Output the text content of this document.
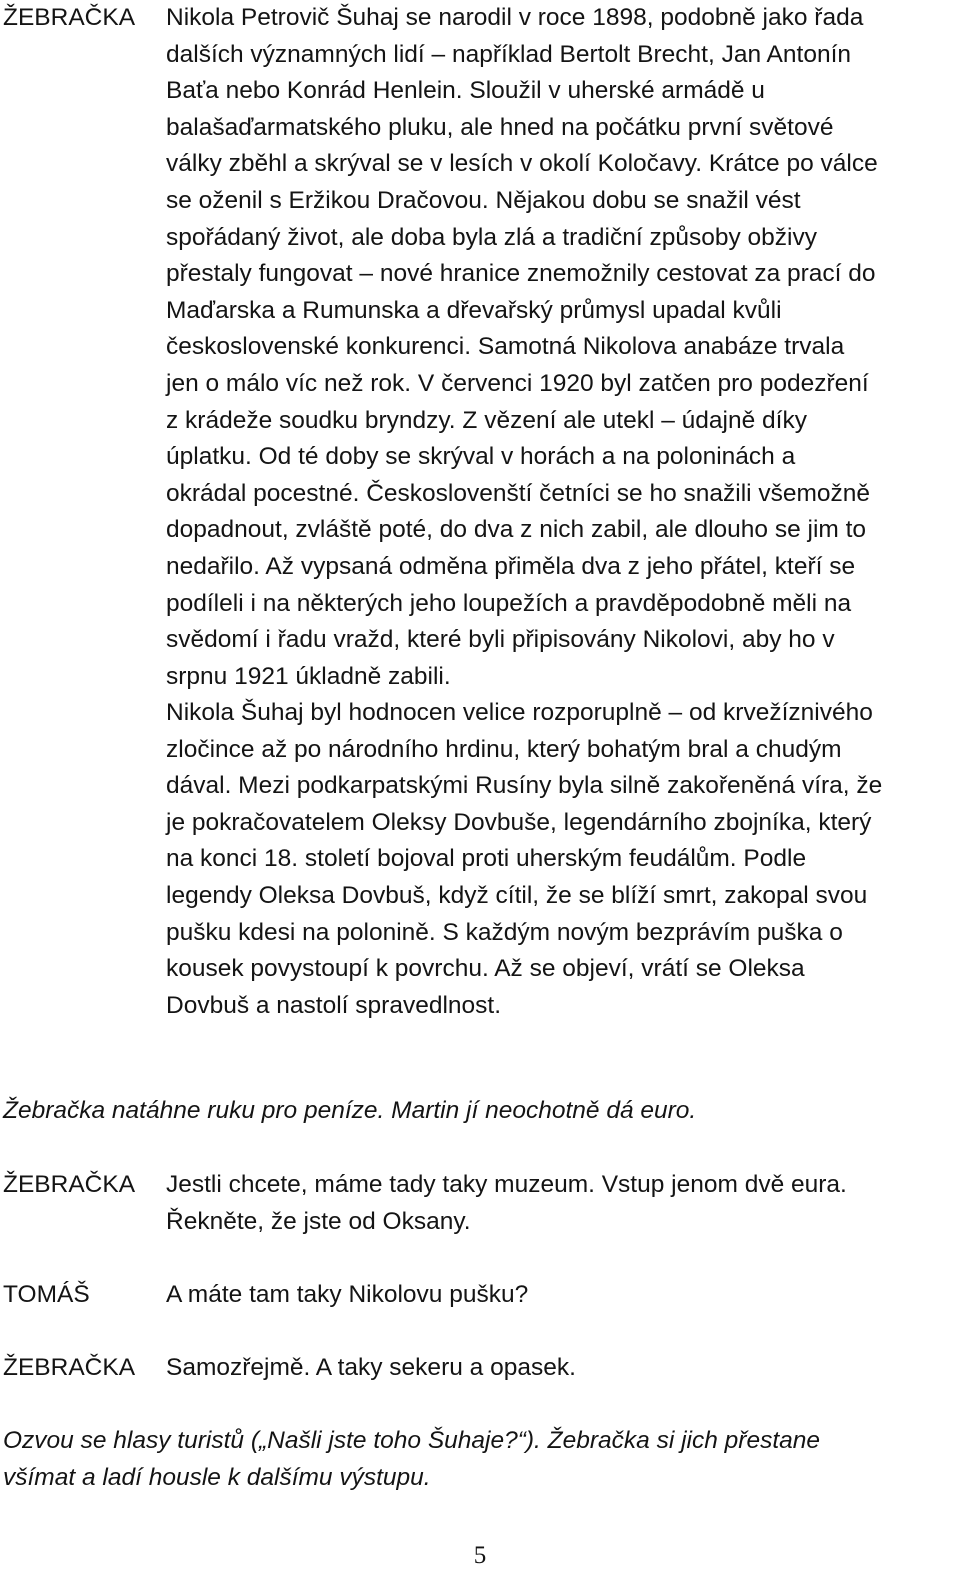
ŽEBRAČKA Nikola Petrovič Šuhaj se narodil v roce 1898, podobně jako řada
dalších významných lidí – například Bertolt Brecht, Jan Antonín
Baťa nebo Konrád Henlein. Sloužil v uherské armádě u
balašaďarmatského pluku, ale hned na počátku první světové
války zběhl a skrýval se v lesích v okolí Koločavy. Krátce po válce
se oženil s Eržikou Dračovou. Nějakou dobu se snažil vést
spořádaný život, ale doba byla zlá a tradiční způsoby obživy
přestaly fungovat – nové hranice znemožnily cestovat za prací do
Maďarska a Rumunska a dřevařský průmysl upadal kvůli
československé konkurenci. Samotná Nikolova anabáze trvala
jen o málo víc než rok. V červenci 1920 byl zatčen pro podezření
z krádeže soudku bryndzy. Z vězení ale utekl – údajně díky
úplatku. Od té doby se skrýval v horách a na poloninách a
okrádal pocestné. Českoslovenští četníci se ho snažili všemožně
dopadnout, zvláště poté, do dva z nich zabil, ale dlouho se jim to
nedařilo. Až vypsaná odměna přiměla dva z jeho přátel, kteří se
podíleli i na některých jeho loupežích a pravděpodobně měli na
svědomí i řadu vražd, které byli připisovány Nikolovi, aby ho v
srpnu 1921 úkladně zabili.
Nikola Šuhaj byl hodnocen velice rozporuplně – od krvežíznivého
zločince až po národního hrdinu, který bohatým bral a chudým
dával. Mezi podkarpatskými Rusíny byla silně zakořeněná víra, že
je pokračovatelem Oleksy Dovbuše, legendárního zbojníka, který
na konci 18. století bojoval proti uherským feudálům. Podle
legendy Oleksa Dovbuš, když cítil, že se blíží smrt, zakopal svou
pušku kdesi na polonině. S každým novým bezprávím puška o
kousek povystoupí k povrchu. Až se objeví, vrátí se Oleksa
Dovbuš a nastolí spravedlnost.
Žebračka natáhne ruku pro peníze. Martin jí neochotně dá euro.
ŽEBRAČKA Jestli chcete, máme tady taky muzeum. Vstup jenom dvě eura.
Řekněte, že jste od Oksany.
TOMÁŠ	A máte tam taky Nikolovu pušku?
ŽEBRAČKA Samozřejmě. A taky sekeru a opasek.
Ozvou se hlasy turistů („Našli jste toho Šuhaje?“). Žebračka si jich přestane
všímat a ladí housle k dalšímu výstupu.
5
